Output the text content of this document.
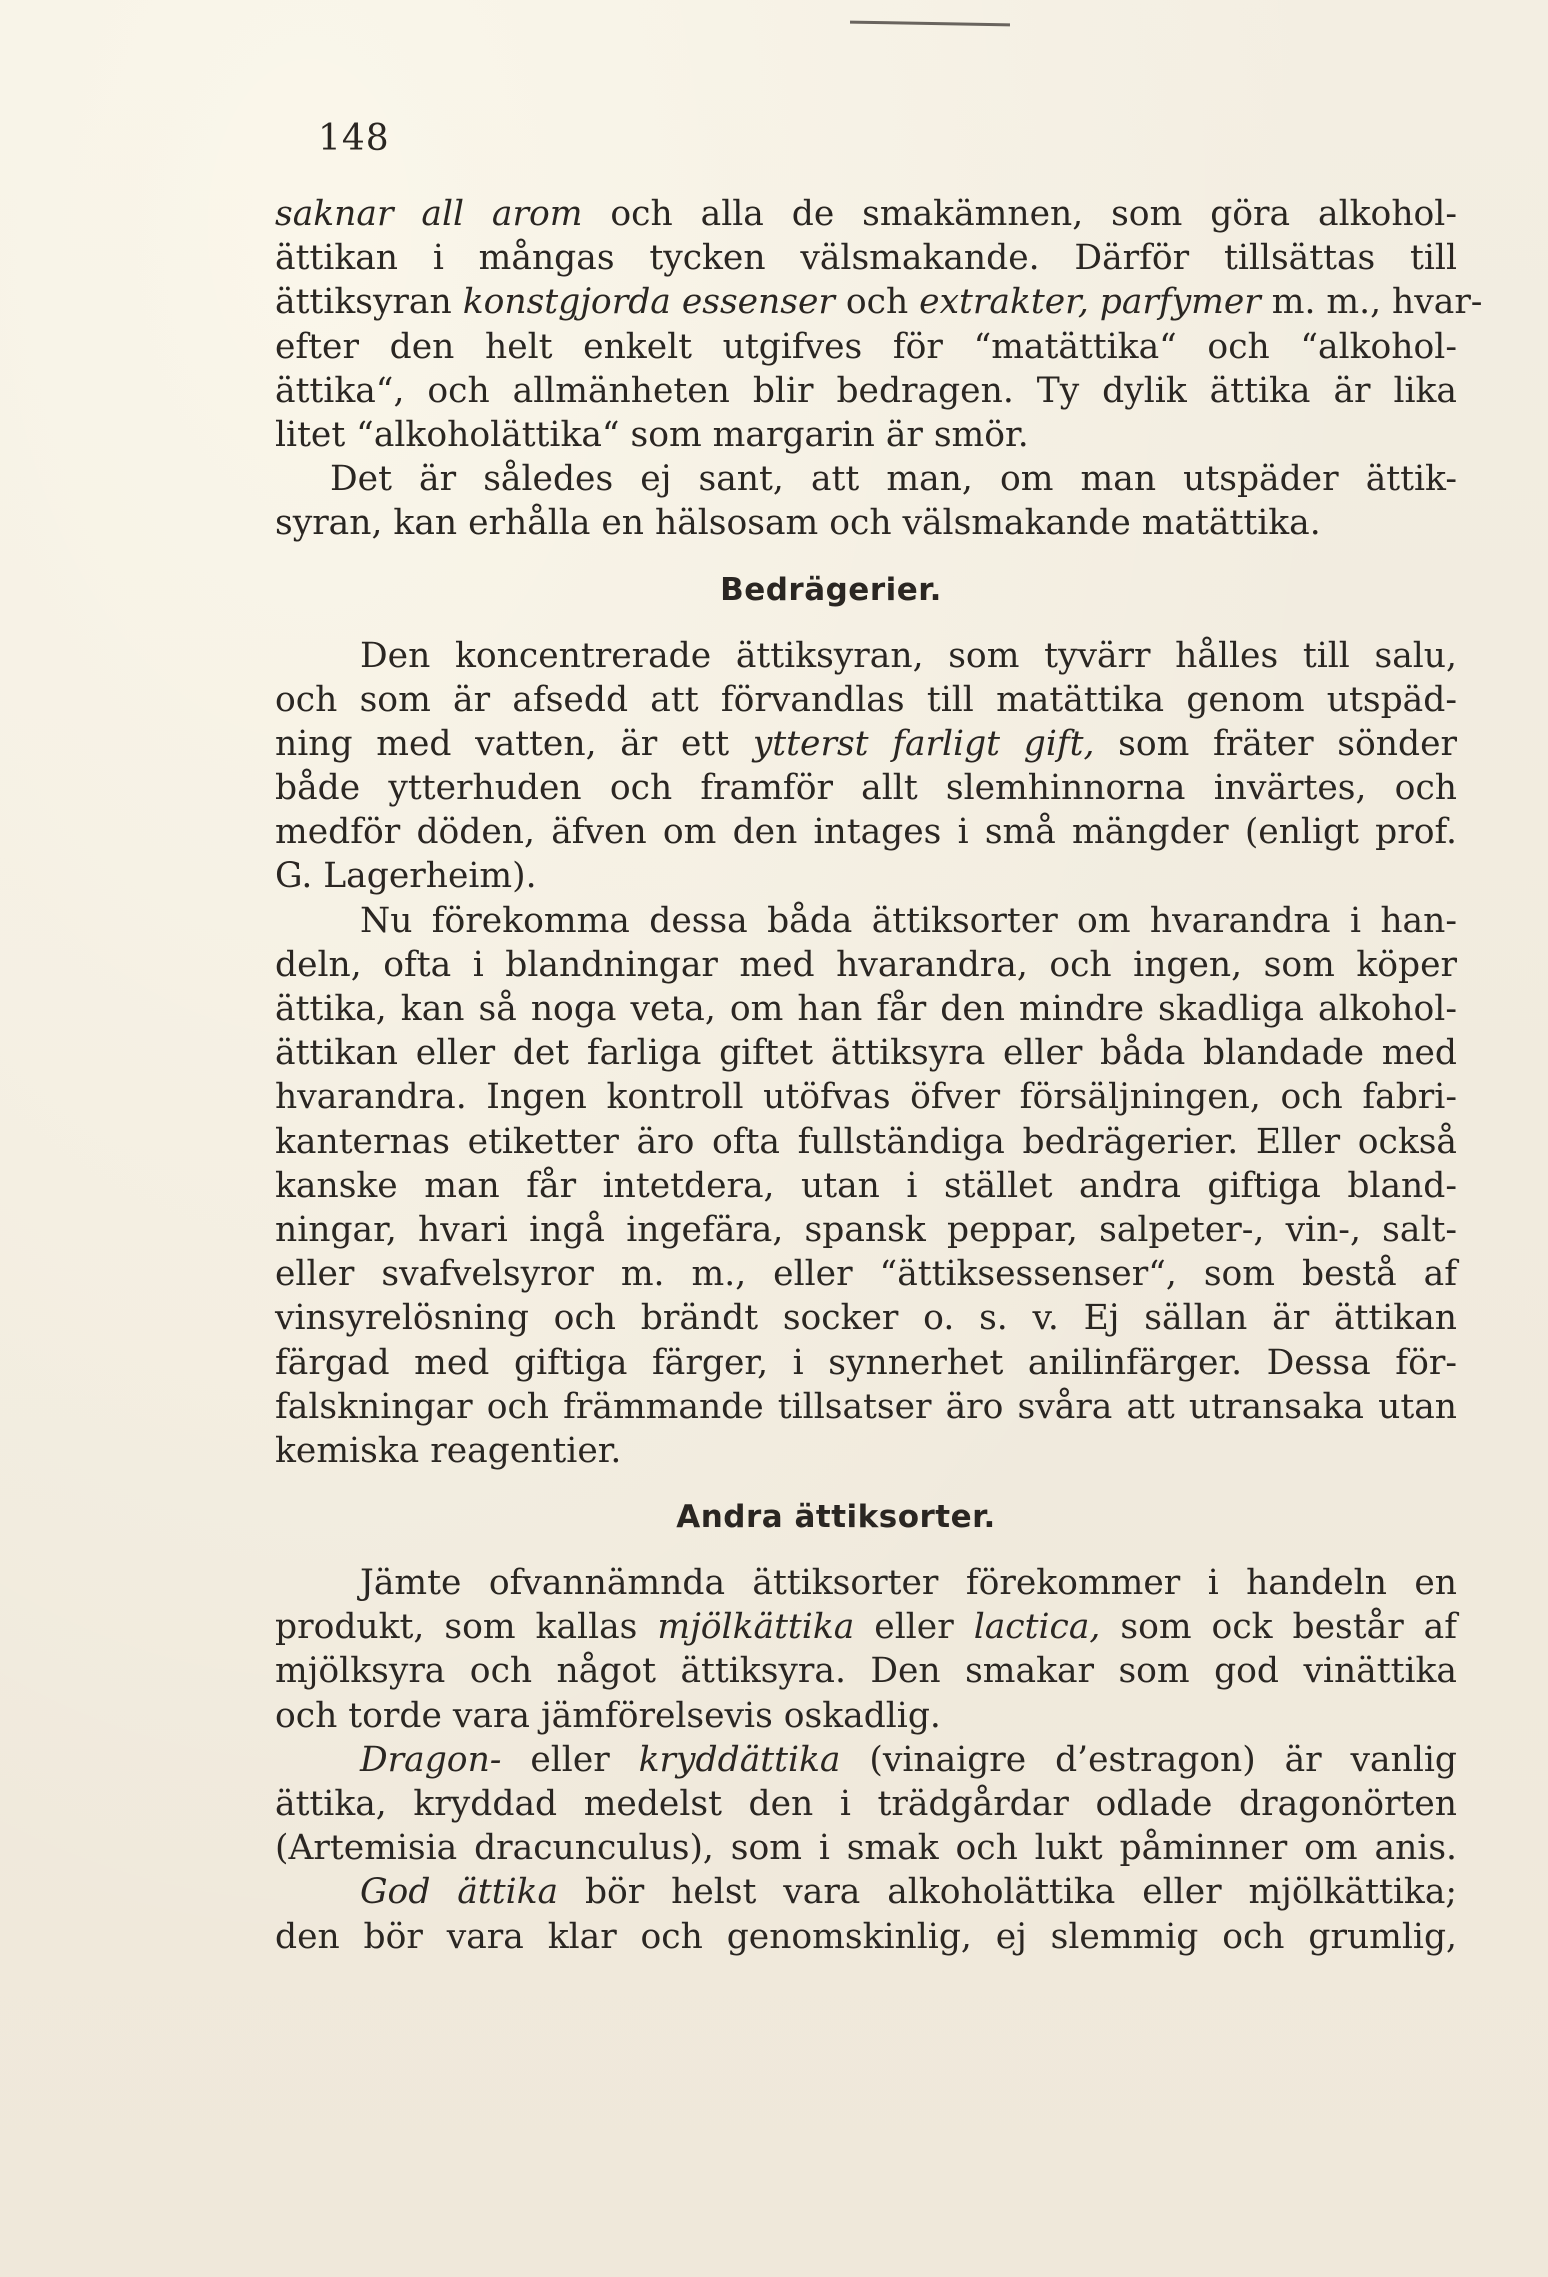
148
saknar all arom och alla de smakämnen, som göra alkohol-
ättikan i mångas tycken välsmakande. Därför tillsättas till
ättiksyran konstgjorda essenser och extrakter, parfymer m. m., hvar-
efter den helt enkelt utgifves för “matättika“ och “alkohol-
ättika“, och allmänheten blir bedragen. Ty dylik ättika är lika
litet “alkoholättika“ som margarin är smör.
Det är således ej sant, att man, om man utspäder ättik-
syran, kan erhålla en hälsosam och välsmakande matättika.
Bedrägerier.
Den koncentrerade ättiksyran, som tyvärr hålles till salu,
och som är afsedd att förvandlas till matättika genom utspäd-
ning med vatten, är ett ytterst farligt gift, som fräter sönder
både ytterhuden och framför allt slemhinnorna invärtes, och
medför döden, äfven om den intages i små mängder (enligt prof.
G. Lagerheim).
Nu förekomma dessa båda ättiksorter om hvarandra i han-
deln, ofta i blandningar med hvarandra, och ingen, som köper
ättika, kan så noga veta, om han får den mindre skadliga alkohol-
ättikan eller det farliga giftet ättiksyra eller båda blandade med
hvarandra. Ingen kontroll utöfvas öfver försäljningen, och fabri-
kanternas etiketter äro ofta fullständiga bedrägerier. Eller också
kanske man får intetdera, utan i stället andra giftiga bland-
ningar, hvari ingå ingefära, spansk peppar, salpeter-, vin-, salt-
eller svafvelsyror m. m., eller “ättiksessenser“, som bestå af
vinsyrelösning och brändt socker o. s. v. Ej sällan är ättikan
färgad med giftiga färger, i synnerhet anilinfärger. Dessa för-
falskningar och främmande tillsatser äro svåra att utransaka utan
kemiska reagentier.
Andra ättiksorter.
Jämte ofvannämnda ättiksorter förekommer i handeln en
produkt, som kallas mjölkättika eller lactica, som ock består af
mjölksyra och något ättiksyra. Den smakar som god vinättika
och torde vara jämförelsevis oskadlig.
Dragon- eller kryddättika (vinaigre d’estragon) är vanlig
ättika, kryddad medelst den i trädgårdar odlade dragonörten
(Artemisia dracunculus), som i smak och lukt påminner om anis.
God ättika bör helst vara alkoholättika eller mjölkättika;
den bör vara klar och genomskinlig, ej slemmig och grumlig,
